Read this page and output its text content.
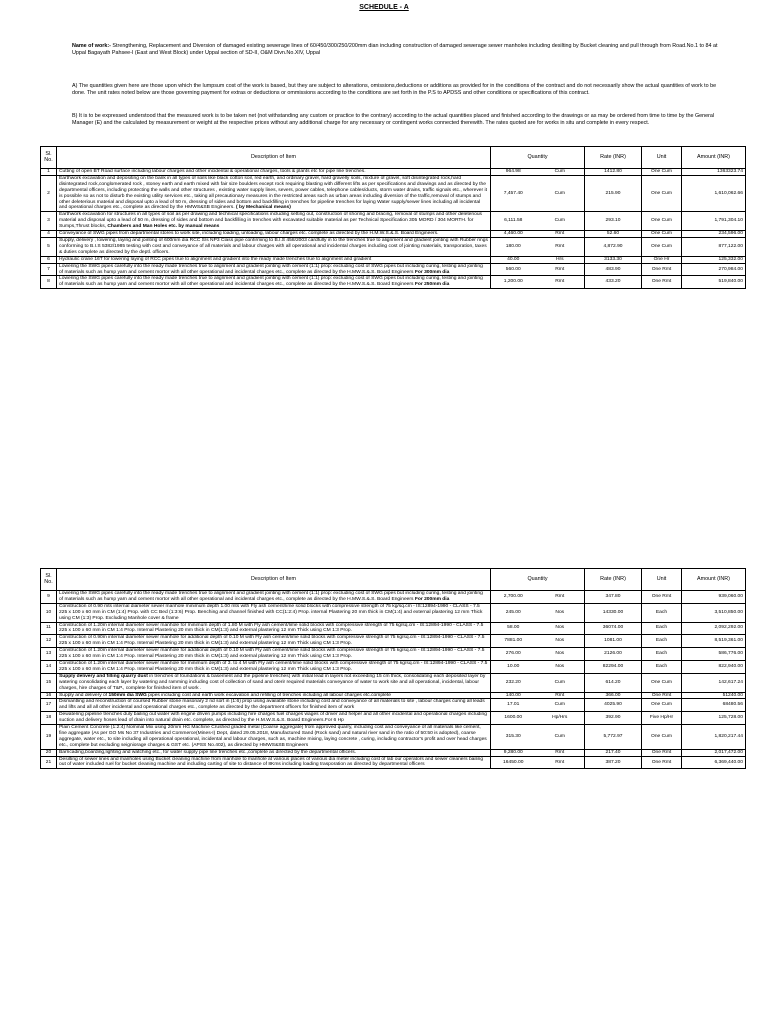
SCHEDULE - A
Name of work:- Strengthening, Replacement and Diversion of damaged existing sewerage lines of 60/450/300/250/200mm dian including construction of damaged sewerage sewer manholes including desilting by Bucket cleaning and pull through from Road.No.1 to 84 at Uppal Bagayath Pahsee-I (East and West Block) under Uppal section of SD-II, O&M Divn.No.XIV, Uppal
A) The quantities given here are those upon which the lumpsum cost of the work is based, but they are subject to alterations, omissions,deductions or additions as provided for in the conditions of the contract and do not necessarily show the actual quantities of work to be done. The unit rates noted below are those governing payment for extras or deductions or ommissions according to the conditions are set forth in the P.S to APDSS and other conditions or specifications of this contract.
B) It is to be expressed understood that the measured work is to be taken net (not withstanding any custom or practice to the contrary) according to the actual quantities placed and finished according to the drawings or as may be ordered from time to time by the General Manager (E) and the calculated by measurement or weight at the respective prices without any additional charge for any necessary or contingent works connected therewith. The rates quoted are for works in situ and complete in every respect.
Sl. No.	Description of Item	Quantity	Rate (INR)	Unit	Amount (INR)
1	Cutting of open BT Road surface including labour charges and other incidental & operational charges, tools & plants etc for pipe line trenches.	964.98 Cum	1412.80	One Cum	1363323.74
2	Earthwork excavation and depositing on the bank in all types of soils like black cotton soil, red earth, and ordinary gravel, hard gravelly soils, mixture of gravel, soft disintegrated rock,hard disintegrated rock,conglomerated rock , stoney earth and earth mixed with fair size boulders except rock requiring blasting with different lifts as per specifications and drawings and as directed by the departmental officers, including protecting the walls and other structures , existing water supply lines, severs, power cables, telephone cables/ducts, storm water drains, traffic signals etc., wherever it is possible so as not to disturb the existing utility services etc., taking all precautionary measures in the restricted areas such as urban areas including diversion of the traffic,removal of stumps and other deleterious material and disposal upto a lead of 50 m, dressing of sides and bottom and backfilling in trenches for pipeline trenches for laying Water supply/sewer lines including all incidental and operational charges etc., complete as directed by the HMWS&SB Engineers. ( by Mechanical means)	7,457.40 Cum	215.90	One Cum	1,610,062.66
3	Earthwork excavation for structures in all types of soil as per drawing and technical specifications including setting out, construction of shoring and bracing, removal of stumps and other deleterious material and disposal upto a lead of 50 m, dressing of sides and bottom and backfilling in trenches with excavated suitable material as per Technical Specification 305 MORD / 304 MORTH. for Sumps,Thrust blocks, Chambers and Man Holes etc. by manual means	6,111.58 Cum	293.10	One Cum	1,791,304.10
4	Conveyance of SWG pipes from departmental stores to work site, including loading, unloading, labour charges etc. complete as directed by the H.M.W.S.&.S. Board Engineers.	4,460.00 Rmt	52.60	One Cum	234,596.00
5	Supply, delivery , lowering, laying and jointing of 600mm dia RCC S/s NP3 Class pipe confirming to B.I.S 458/2003 cardfully in to the trenches true to alignment and gradient jointing with Rubber rings conforming to B.I.S 5382/1985 testing with cost and conveyance of all materials and labour charges with all operational and incidental charges including cost of jointing materials, transporation, taxes & duties complete as directed by the deptl. officers.	180.00 Rmt	4,872.90	One Cum	877,122.00
6	Hydraulic crane 16T for lowering laying of RCC pipes true to alignment and gradient into the ready made trenches true to alignment and gradient	40.00 Hrs	3133.30	One Hr	125,332.00
7	Lowering the SWG pipes carefully into the ready made trenches true to alignment and gradient jointing with cement (1:1) prop: excluding cost of SWG pipes but including curing, testing and jointing of materials such as hump yarn and cement mortor with all other operational and incidental charges etc., complete as directed by the H.MW.S.&.S. Board Engineers For 300mm dia	560.00 Rmt	483.90	One Rmt	270,984.00
8	Lowering the SWG pipes carefully into the ready made trenches true to alignment and gradient jointing with cement (1:1) prop: excluding cost of SWG pipes but including curing, testing and jointing of materials such as hump yarn and cement mortor with all other operational and incidental charges etc., complete as directed by the H.MW.S.&.S. Board Engineers For 250mm dia	1,200.00 Rmt	433.20	One Rmt	519,840.00
Sl. No.	Description of Item	Quantity	Rate (INR)	Unit	Amount (INR)
9	Lowering the SWG pipes carefully into the ready made trenches true to alignment and gradient jointing with cement (1:1) prop: excluding cost of SWG pipes but including curing, testing and jointing of materials such as hump yarn and cement mortor with all other operational and incidental charges etc., complete as directed by the H.MW.S.&.S. Board Engineers For 200mm dia	2,700.00 Rmt	347.80	One Rmt	939,060.00
10	Construction of 0.90 mts internal diameter sewer manhole minimum depth 1.00 mts with Fly ash cement/lime solid blocks with compressive strength of 75 kg/sq.cm - IS:12894-1990 - CLASS - 7.5 225 x 100 x 60 mm in CM (1:4) Prop. with CC Bed (1:3:6) Prop. Benching and channel finished with CC(1:2:4) Prop. internal Plastering 20 mm thick in CM(1:4) and external plastering 12 mm Thick using CM (1:3) Prop. Excluding Manhole cover & frame	245.00 Nos	14330.00	Each	3,510,850.00
11	Construction of 1.20m internal diameter sewer manhole for minimum depth of 1.80 M with Fly ash cement/lime solid blocks with compressive strength of 75 kg/sq.cm - IS:12894-1990 - CLASS - 7.5 225 x 100 x 60 mm in CM 1:4 Prop. Internal Plastering 20 mm thick in CM(1:3) and external plastering 12 mm Thick using CM 1:3 Prop.	58.00 Nos	36074.00	Each	2,092,292.00
12	Construction of 0.90m internal diameter sewer manhole for additional depth of 0.10 M with Fly ash cement/lime solid blocks with compressive strength of 75 kg/sq.cm - IS:12894-1990 - CLASS - 7.5 225 x 100 x 60 mm in CM 1:4 Prop. Internal Plastering 20 mm thick in CM(1:3) and external plastering 12 mm Thick using CM 1:3 Prop.	7881.00 Nos	1081.00	Each	8,519,361.00
13	Construction of 1.20m internal diameter sewer manhole for additional depth of 0.10 M with Fly ash cement/lime solid blocks with compressive strength of 75 kg/sq.cm - IS:12894-1990 - CLASS - 7.5 225 x 100 x 60 mm in CM 1:4 Prop. Internal Plastering 20 mm thick in CM(1:3) and external plastering 12 mm Thick using CM 1:3 Prop.	276.00 Nos	2126.00	Each	586,776.00
14	Construction of 1.20m internal diameter sewer manhole for minimum depth of 3. to 4 M with Fly ash cement/lime solid blocks with compressive strength of 75 kg/sq.cm - IS:12894-1990 - CLASS - 7.5 225 x 100 x 60 mm in CM 1:4 Prop. Internal Plastering 20 mm thick in CM(1:3) and external plastering 12 mm Thick using CM 1:3 Prop.	10.00 Nos	82294.00	Each	822,940.00
15	Supply delivery and filling quarry dust in trenches of foundations & basement and the pipeline trenches) with initial lead in layers not exceeding 15 cm thick, consolidating each deposited layer by watering consolidating each layer by watering and ramming including cost of collection of sand and oterir required materials conveyance of water to work site and all operational, incidental, labour charges, hire charges of T&P., complete for finished item of work .	232.20 Cum	614.20	One Cum	142,617.24
16	Supply and delivery of 150mm dia SWG pipes including cost and earth work excavation and refilling of trenches including all labour charges etc.complete	140.00 Rmt	366.00	One Rmt	51240.00
17	Dismantling and reconstruction of coursed Rubber stone masonary 2 nd sort in (1:6) prop using available stone including cost and conveyance of all materials to site , labour charges curing all leads and lifts and all all other incidental and operational charges etc., complete as directed by the department officers for finished item of work	17.01 Cum	4025.90	One Cum	68480.56
18	Dewatering pipeline trenches duly bailing out water with engine driven pumps including hire charges fuel charges wages of driver and helper and all other incidental and operational charges including suction and delivery hoses lead of drain into natural drain etc. complete, as directed by the H.M.W.S.&.S. Board Engineers.For 6 Hp	1600.00 Hp/Hrs	392.90	Five Hp/Hr	125,728.00
19	Plain Cement Concrete (1:2:4) Nominal Mix using 20mm HG Machine Crushed graded metal (Coarse aggregate) from approved quarry, including cost and conveyance of all materials like cement, fine aggregate (As per GO Ms No 37 Industries and Commerce(Mines-I) Dept, dated 29.05.2018, Manufactured Sand (Rock sand) and natural river sand in the ratio of 50:50 is adopted), coarse aggregate, water etc., to site including all operational operational, incidental and labour charges, such as, machine mixing, laying concrete , curing, including contractor's profit and over head charges etc., complete but excluding seigniorage charges & GST etc. (APSS No.402), as directed by HMWS&SB Engineers	315.30 Cum	5,772.97	One Cum	1,820,217.44
20	Barricading,boarding,lighting and watching etc., for water supply pipe line trenches etc.,complete as directed by the departmental officers.	9,280.00 Rmt	217.40	One Rmt	2,017,472.00
21	Desilting of sewer lines and manholes using Bucket cleaning machine from manhole to manhole at various places of various dia meter including cost of lab our operators and sewer cleaners bailing out of water included ruel for bucket cleaning machine and including carting of site to distance of 8Kms including loading trasporation as directed by departmental officers	16450.00 Rmt	387.20	One Rmt	6,369,440.00
